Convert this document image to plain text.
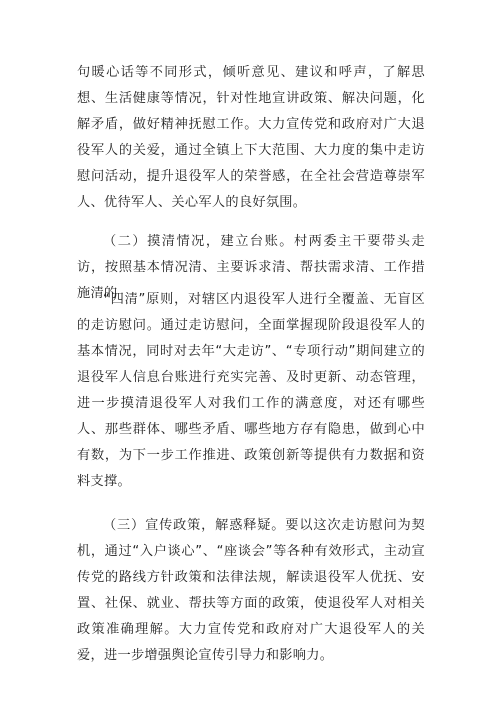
句暖心话等不同形式，倾听意见、建议和呼声，了解思想、生活健康等情况，针对性地宣讲政策、解决问题，化解矛盾，做好精神抚慰工作。大力宣传党和政府对广大退役军人的关爱，通过全镇上下大范围、大力度的集中走访慰问活动，提升退役军人的荣誉感，在全社会营造尊崇军人、优待军人、关心军人的良好氛围。

（二）摸清情况，建立台账。村两委主干要带头走访，按照基本情况清、主要诉求清、帮扶需求清、工作措施清的

“四清”原则，对辖区内退役军人进行全覆盖、无盲区的走访慰问。通过走访慰问，全面掌握现阶段退役军人的基本情况，同时对去年“大走访”、“专项行动”期间建立的退役军人信息台账进行充实完善、及时更新、动态管理，进一步摸清退役军人对我们工作的满意度，对还有哪些人、那些群体、哪些矛盾、哪些地方存有隐患，做到心中有数，为下一步工作推进、政策创新等提供有力数据和资料支撑。

（三）宣传政策，解惑释疑。要以这次走访慰问为契机，通过“入户谈心”、“座谈会”等各种有效形式，主动宣传党的路线方针政策和法律法规，解读退役军人优抚、安置、社保、就业、帮扶等方面的政策，使退役军人对相关政策准确理解。大力宣传党和政府对广大退役军人的关爱，进一步增强舆论宣传引导力和影响力。
